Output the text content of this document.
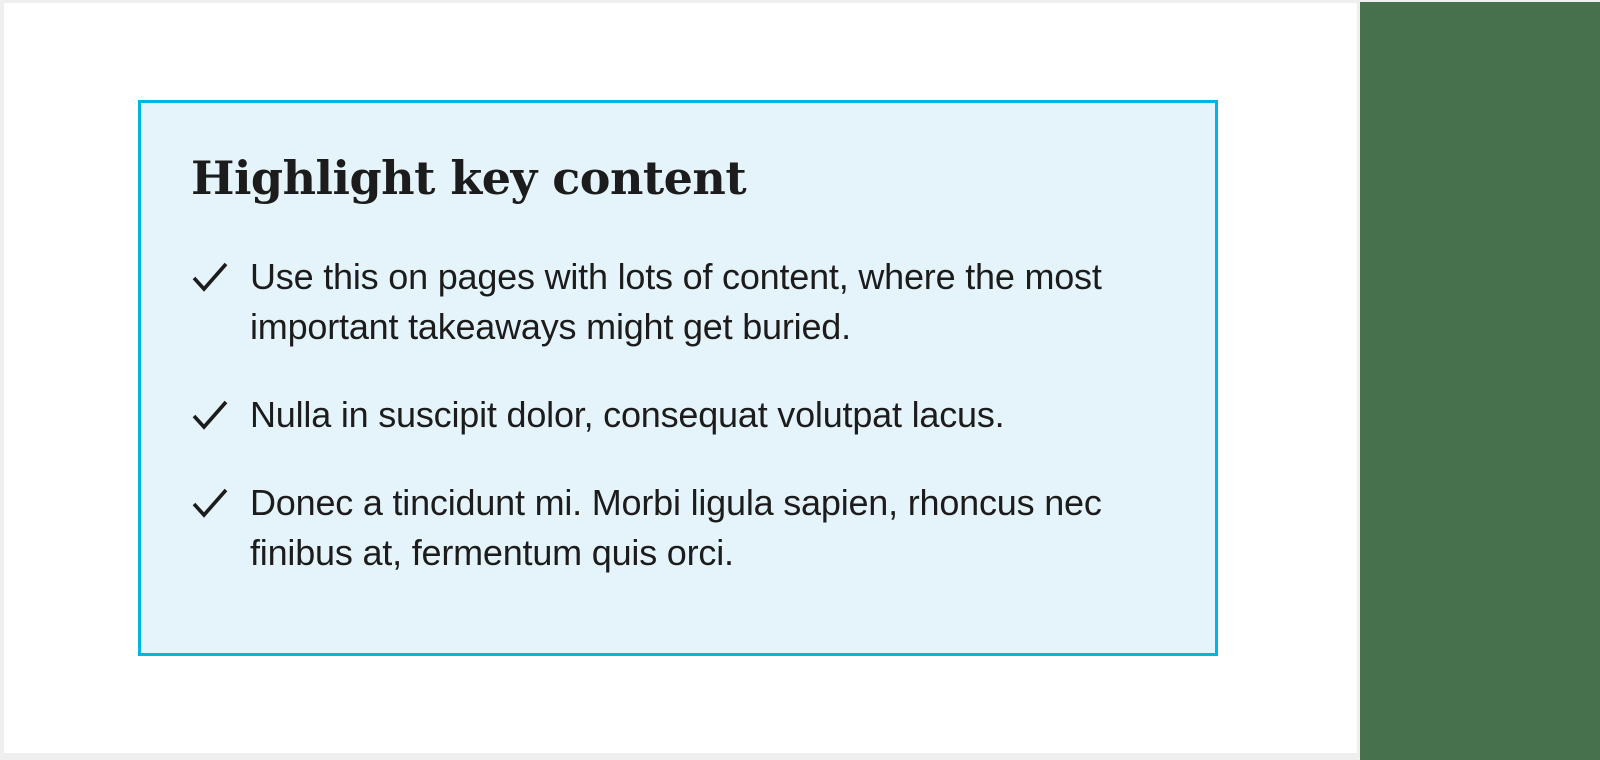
Highlight key content
Use this on pages with lots of content, where the most
important takeaways might get buried.
Nulla in suscipit dolor, consequat volutpat lacus.
Donec a tincidunt mi. Morbi ligula sapien, rhoncus nec
finibus at, fermentum quis orci.
